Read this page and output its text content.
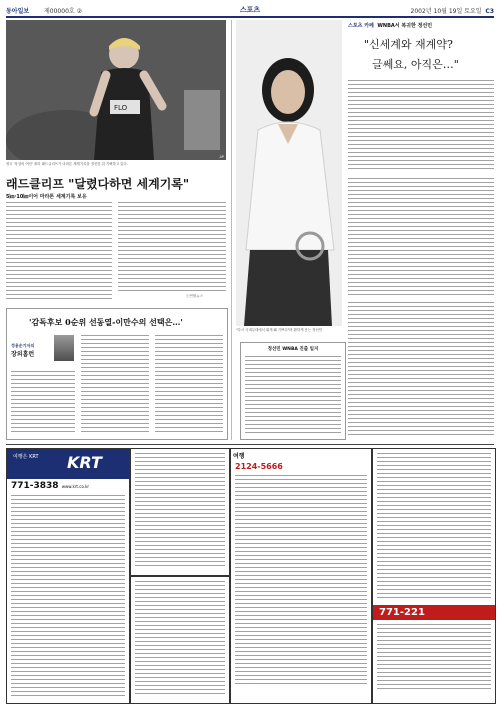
동아일보 제00000호 ②	스포츠	2002년 10월 19일 토요일 C3
FLO
AP
영국 '육상의 여신' 폴라 래드클리프가 마라톤 세계기록을 경신한 뒤 기뻐하고 있다.
래드클리프 "달렸다하면 세계기록"
5㎞·10㎞이어 마라톤 세계기록 보유
ⓒ연합뉴스
'감독후보 0순위 선동열-이만수의 선택은…'
정용순기자의
장외홈런
"다시 국내무대에서 뛰게 돼 기쁘다"며 환하게 웃는 정선민
스포츠 카페 WNBA서 복귀한 정선민
"신세계와 재계약?
글쎄요, 아직은…"
정선민 WNBA 진출 일지
KRT
여행은 KRT
771-3838 www.krt.co.kr
여행
2124-5666
771-221
